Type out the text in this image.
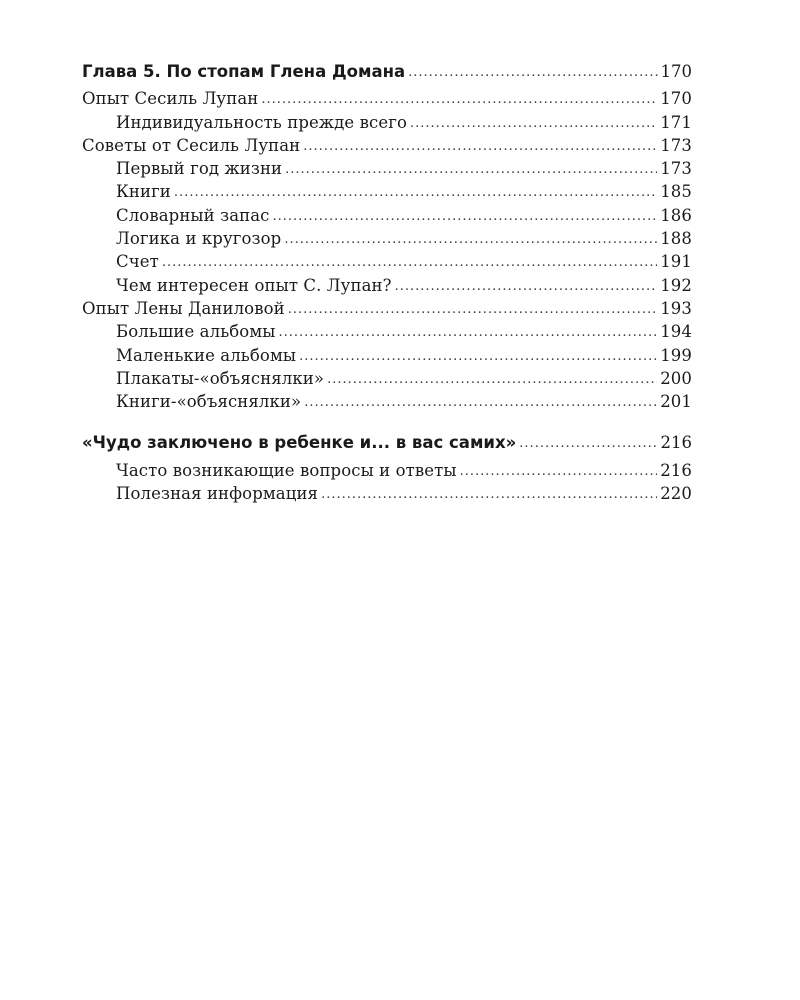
Глава 5. По стопам Глена Домана .....	170
Опыт Сесиль Лупан .....	170
Индивидуальность прежде всего .....	171
Советы от Сесиль Лупан .....	173
Первый год жизни .....	173
Книги .....	185
Словарный запас .....	186
Логика и кругозор .....	188
Счет .....	191
Чем интересен опыт С. Лупан? .....	192
Опыт Лены Даниловой .....	193
Большие альбомы .....	194
Маленькие альбомы .....	199
Плакаты-«объяснялки» .....	200
Книги-«объяснялки» .....	201
«Чудо заключено в ребенке и... в вас самих» .....	216
Часто возникающие вопросы и ответы .....	216
Полезная информация .....	220
